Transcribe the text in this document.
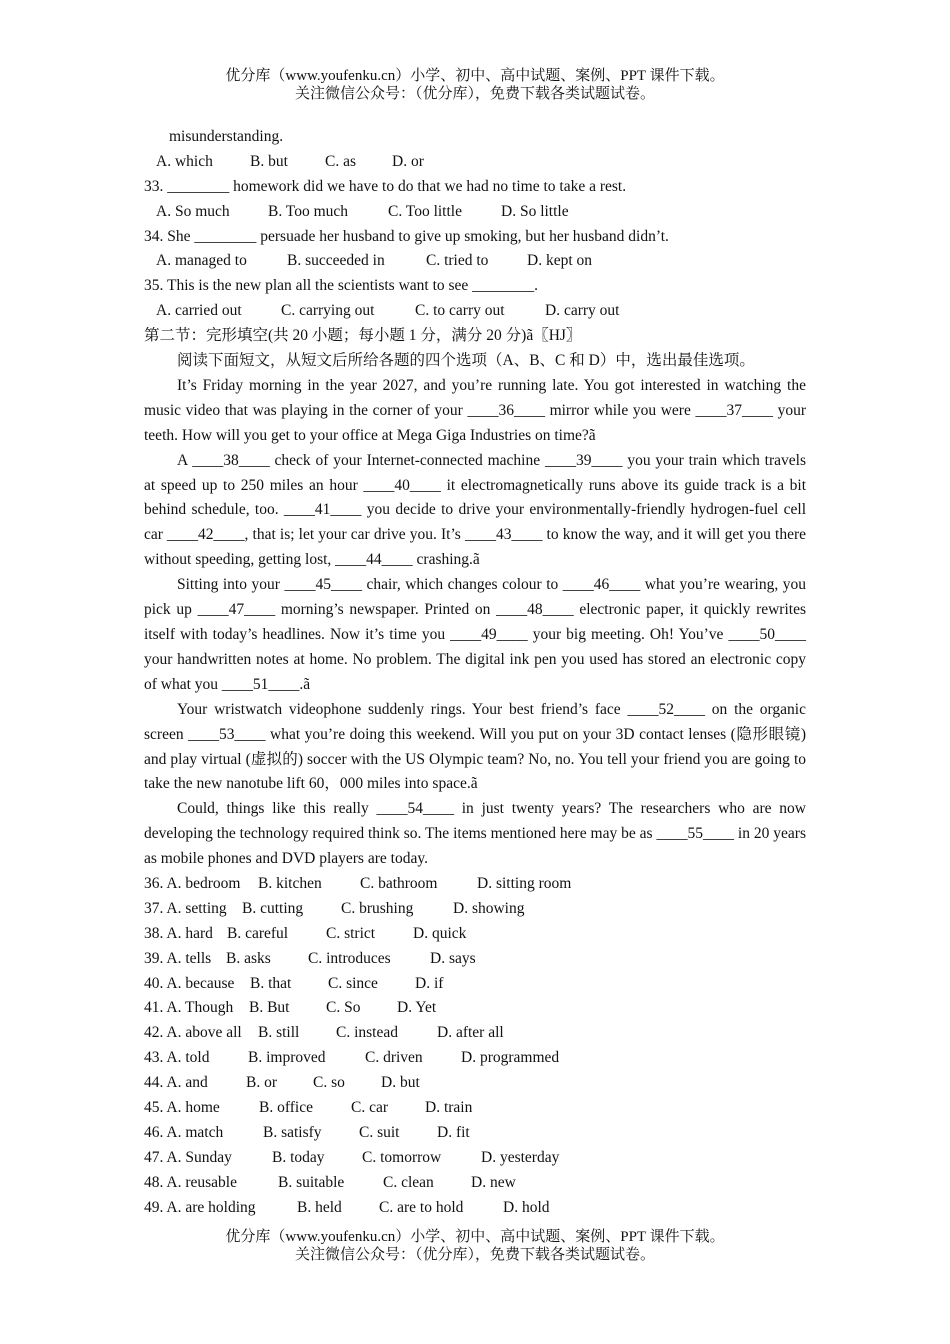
优分库（www.youfenku.cn）小学、初中、高中试题、案例、PPT 课件下载。
关注微信公众号：（优分库），免费下载各类试题试卷。
misunderstanding.
A. which B. but C. as D. or
33. ________ homework did we have to do that we had no time to take a rest.
A. So much B. Too much	C. Too little	D. So little
34. She ________ persuade her husband to give up smoking, but her husband didn’t.
A. managed to	B. succeeded in	C. tried to D. kept on
35. This is the new plan all the scientists want to see ________.
A. carried out	C. carrying out	C. to carry out	D. carry out
第二节：完形填空(共 20 小题；每小题 1 分，满分 20 分)ã〖HJ〗
阅读下面短文，从短文后所给各题的四个选项（A、B、C 和 D）中，选出最佳选项。
It’s Friday morning in the year 2027, and you’re running late. You got interested in watching the music video that was playing in the corner of your ____36____ mirror while you were ____37____ your teeth. How will you get to your office at Mega Giga Industries on time?ã
A ____38____ check of your Internet-connected machine ____39____ you your train which travels at speed up to 250 miles an hour ____40____ it electromagnetically runs above its guide track is a bit behind schedule, too. ____41____ you decide to drive your environmentally-friendly hydrogen-fuel cell car ____42____, that is; let your car drive you. It’s ____43____ to know the way, and it will get you there without speeding, getting lost, ____44____ crashing.ã
Sitting into your ____45____ chair, which changes colour to ____46____ what you’re wearing, you pick up ____47____ morning’s newspaper. Printed on ____48____ electronic paper, it quickly rewrites itself with today’s headlines. Now it’s time you ____49____ your big meeting. Oh! You’ve ____50____ your handwritten notes at home. No problem. The digital ink pen you used has stored an electronic copy of what you ____51____.ã
Your wristwatch videophone suddenly rings. Your best friend’s face ____52____ on the organic screen ____53____ what you’re doing this weekend. Will you put on your 3D contact lenses (隐形眼镜) and play virtual (虚拟的) soccer with the US Olympic team? No, no. You tell your friend you are going to take the new nanotube lift 60，000 miles into space.ã
Could, things like this really ____54____ in just twenty years? The researchers who are now developing the technology required think so. The items mentioned here may be as ____55____ in 20 years as mobile phones and DVD players are today.
36. A. bedroom B. kitchen C. bathroom	D. sitting room
37. A. setting B. cutting C. brushing	D. showing
38. A. hard B. careful C. strict D. quick
39. A. tells B. asks C. introduces	D. says
40. A. because B. that C. since D. if
41. A. Though B. But C. So D. Yet
42. A. above all B. still C. instead	D. after all
43. A. told B. improved	C. driven D. programmed
44. A. and B. or C. so D. but
45. A. home	B. office C. car D. train
46. A. match	B. satisfy C. suit D. fit
47. A. Sunday	B. today C. tomorrow	D. yesterday
48. A. reusable	B. suitable C. clean D. new
49. A. are holding	B. held C. are to hold	D. hold
优分库（www.youfenku.cn）小学、初中、高中试题、案例、PPT 课件下载。
关注微信公众号：（优分库），免费下载各类试题试卷。
